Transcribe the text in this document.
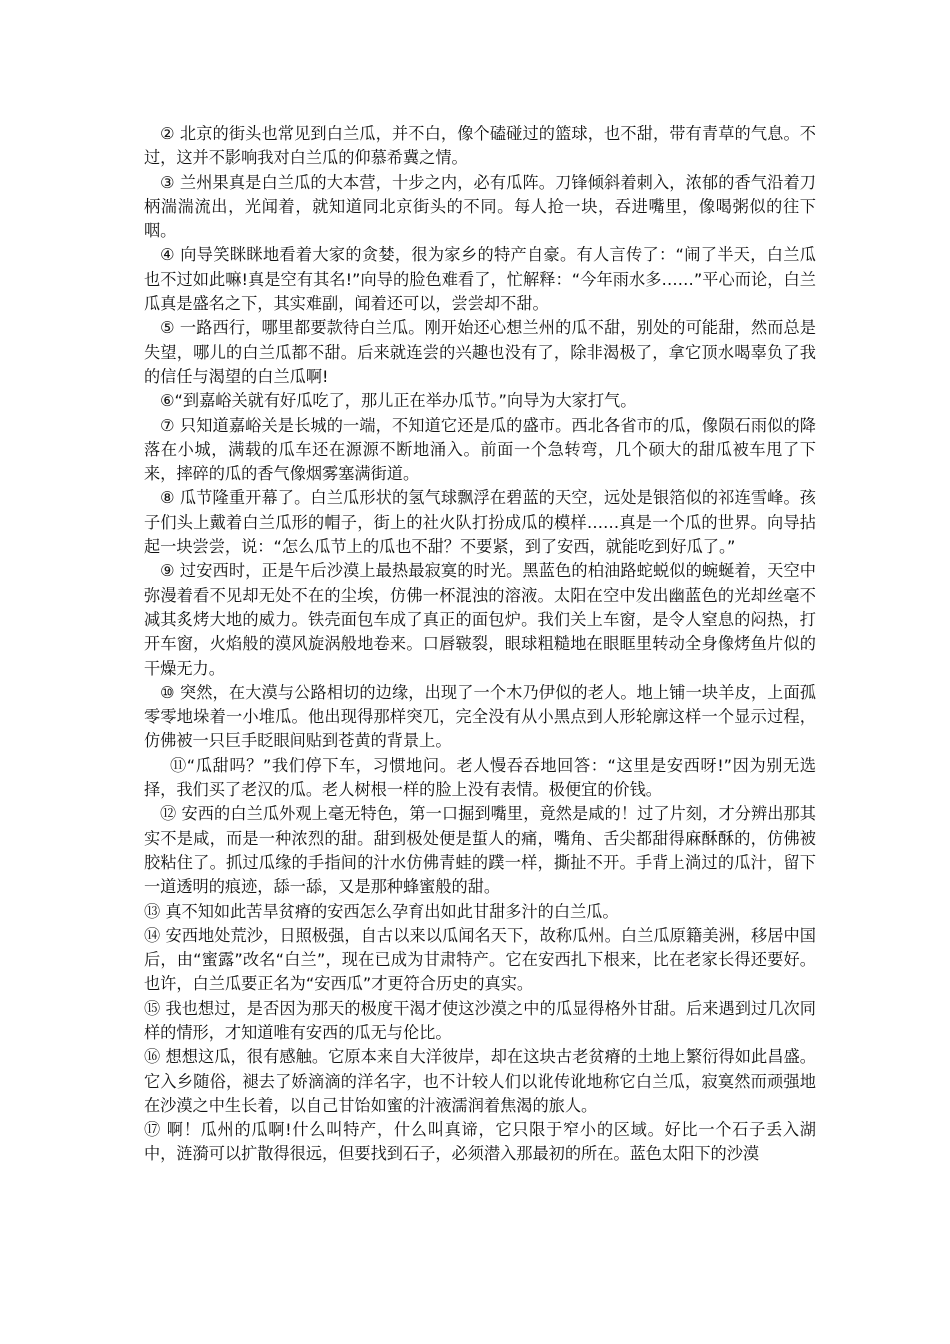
② 北京的街头也常见到白兰瓜，并不白，像个磕碰过的篮球，也不甜，带有青草的气息。不过，这并不影响我对白兰瓜的仰慕希冀之情。

③ 兰州果真是白兰瓜的大本营，十步之内，必有瓜阵。刀锋倾斜着刺入，浓郁的香气沿着刀柄湍湍流出，光闻着，就知道同北京街头的不同。每人抢一块，吞进嘴里，像喝粥似的往下咽。

④ 向导笑眯眯地看着大家的贪婪，很为家乡的特产自豪。有人言传了：“闹了半天，白兰瓜也不过如此嘛!真是空有其名!”向导的脸色难看了，忙解释：“今年雨水多……”平心而论，白兰瓜真是盛名之下，其实难副，闻着还可以，尝尝却不甜。

⑤ 一路西行，哪里都要款待白兰瓜。刚开始还心想兰州的瓜不甜，别处的可能甜，然而总是失望，哪儿的白兰瓜都不甜。后来就连尝的兴趣也没有了，除非渴极了，拿它顶水喝辜负了我的信任与渴望的白兰瓜啊!

⑥“到嘉峪关就有好瓜吃了，那儿正在举办瓜节。”向导为大家打气。

⑦ 只知道嘉峪关是长城的一端，不知道它还是瓜的盛市。西北各省市的瓜，像陨石雨似的降落在小城，满载的瓜车还在源源不断地涌入。前面一个急转弯，几个硕大的甜瓜被车甩了下来，摔碎的瓜的香气像烟雾塞满街道。

⑧ 瓜节隆重开幕了。白兰瓜形状的氢气球飘浮在碧蓝的天空，远处是银箔似的祁连雪峰。孩子们头上戴着白兰瓜形的帽子，街上的社火队打扮成瓜的模样……真是一个瓜的世界。向导拈起一块尝尝，说：“怎么瓜节上的瓜也不甜？不要紧，到了安西，就能吃到好瓜了。”

⑨ 过安西时，正是午后沙漠上最热最寂寞的时光。黑蓝色的柏油路蛇蜕似的蜿蜒着，天空中弥漫着看不见却无处不在的尘埃，仿佛一杯混浊的溶液。太阳在空中发出幽蓝色的光却丝毫不减其炙烤大地的威力。铁壳面包车成了真正的面包炉。我们关上车窗，是令人窒息的闷热，打开车窗，火焰般的漠风旋涡般地卷来。口唇皲裂，眼球粗糙地在眼眶里转动全身像烤鱼片似的干燥无力。

⑩ 突然，在大漠与公路相切的边缘，出现了一个木乃伊似的老人。地上铺一块羊皮，上面孤零零地垛着一小堆瓜。他出现得那样突兀，完全没有从小黑点到人形轮廓这样一个显示过程，仿佛被一只巨手眨眼间贴到苍黄的背景上。

⑪“瓜甜吗？”我们停下车，习惯地问。老人慢吞吞地回答：“这里是安西呀!”因为别无选择，我们买了老汉的瓜。老人树根一样的脸上没有表情。极便宜的价钱。

⑫ 安西的白兰瓜外观上毫无特色，第一口掘到嘴里，竟然是咸的！过了片刻，才分辨出那其实不是咸，而是一种浓烈的甜。甜到极处便是蜇人的痛，嘴角、舌尖都甜得麻酥酥的，仿佛被胶粘住了。抓过瓜缘的手指间的汁水仿佛青蛙的蹼一样，撕扯不开。手背上淌过的瓜汁，留下一道透明的痕迹，舔一舔，又是那种蜂蜜般的甜。

⑬ 真不知如此苦旱贫瘠的安西怎么孕育出如此甘甜多汁的白兰瓜。

⑭ 安西地处荒沙，日照极强，自古以来以瓜闻名天下，故称瓜州。白兰瓜原籍美洲，移居中国后，由“蜜露”改名“白兰”，现在已成为甘肃特产。它在安西扎下根来，比在老家长得还要好。也许，白兰瓜要正名为“安西瓜”才更符合历史的真实。

⑮ 我也想过，是否因为那天的极度干渴才使这沙漠之中的瓜显得格外甘甜。后来遇到过几次同样的情形，才知道唯有安西的瓜无与伦比。

⑯ 想想这瓜，很有感触。它原本来自大洋彼岸，却在这块古老贫瘠的土地上繁衍得如此昌盛。它入乡随俗，褪去了娇滴滴的洋名字，也不计较人们以讹传讹地称它白兰瓜，寂寞然而顽强地在沙漠之中生长着，以自己甘饴如蜜的汁液濡润着焦渴的旅人。

⑰ 啊！瓜州的瓜啊!什么叫特产，什么叫真谛，它只限于窄小的区域。好比一个石子丢入湖中，涟漪可以扩散得很远，但要找到石子，必须潜入那最初的所在。蓝色太阳下的沙漠
